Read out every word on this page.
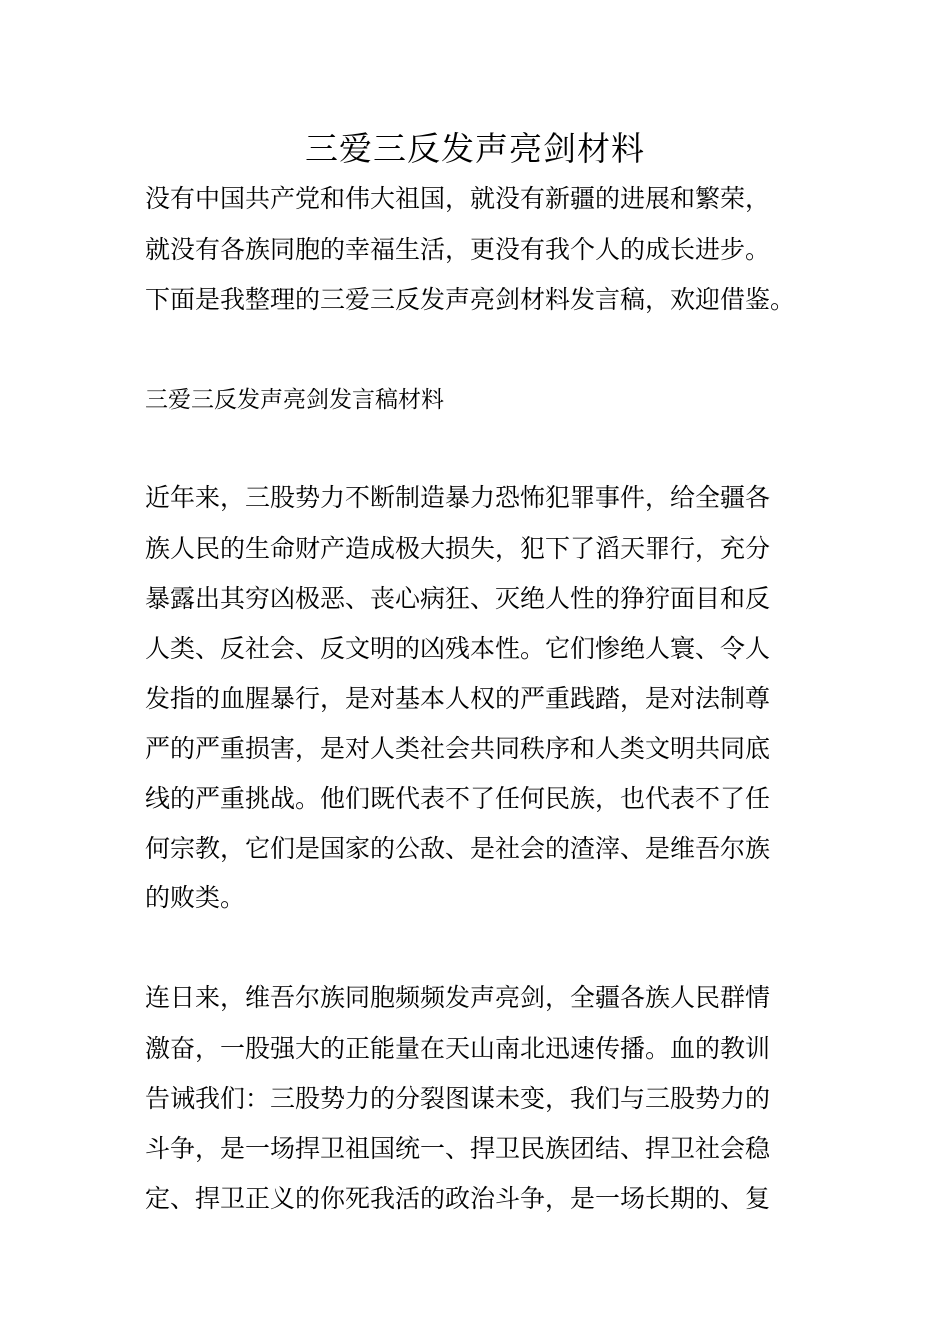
三爱三反发声亮剑材料

没有中国共产党和伟大祖国，就没有新疆的进展和繁荣，

就没有各族同胞的幸福生活，更没有我个人的成长进步。

下面是我整理的三爱三反发声亮剑材料发言稿，欢迎借鉴。

三爱三反发声亮剑发言稿材料

近年来，三股势力不断制造暴力恐怖犯罪事件，给全疆各

族人民的生命财产造成极大损失，犯下了滔天罪行，充分

暴露出其穷凶极恶、丧心病狂、灭绝人性的狰狞面目和反

人类、反社会、反文明的凶残本性。它们惨绝人寰、令人

发指的血腥暴行，是对基本人权的严重践踏，是对法制尊

严的严重损害，是对人类社会共同秩序和人类文明共同底

线的严重挑战。他们既代表不了任何民族，也代表不了任

何宗教，它们是国家的公敌、是社会的渣滓、是维吾尔族

的败类。

连日来，维吾尔族同胞频频发声亮剑，全疆各族人民群情

激奋，一股强大的正能量在天山南北迅速传播。血的教训

告诫我们：三股势力的分裂图谋未变，我们与三股势力的

斗争，是一场捍卫祖国统一、捍卫民族团结、捍卫社会稳

定、捍卫正义的你死我活的政治斗争，是一场长期的、复
